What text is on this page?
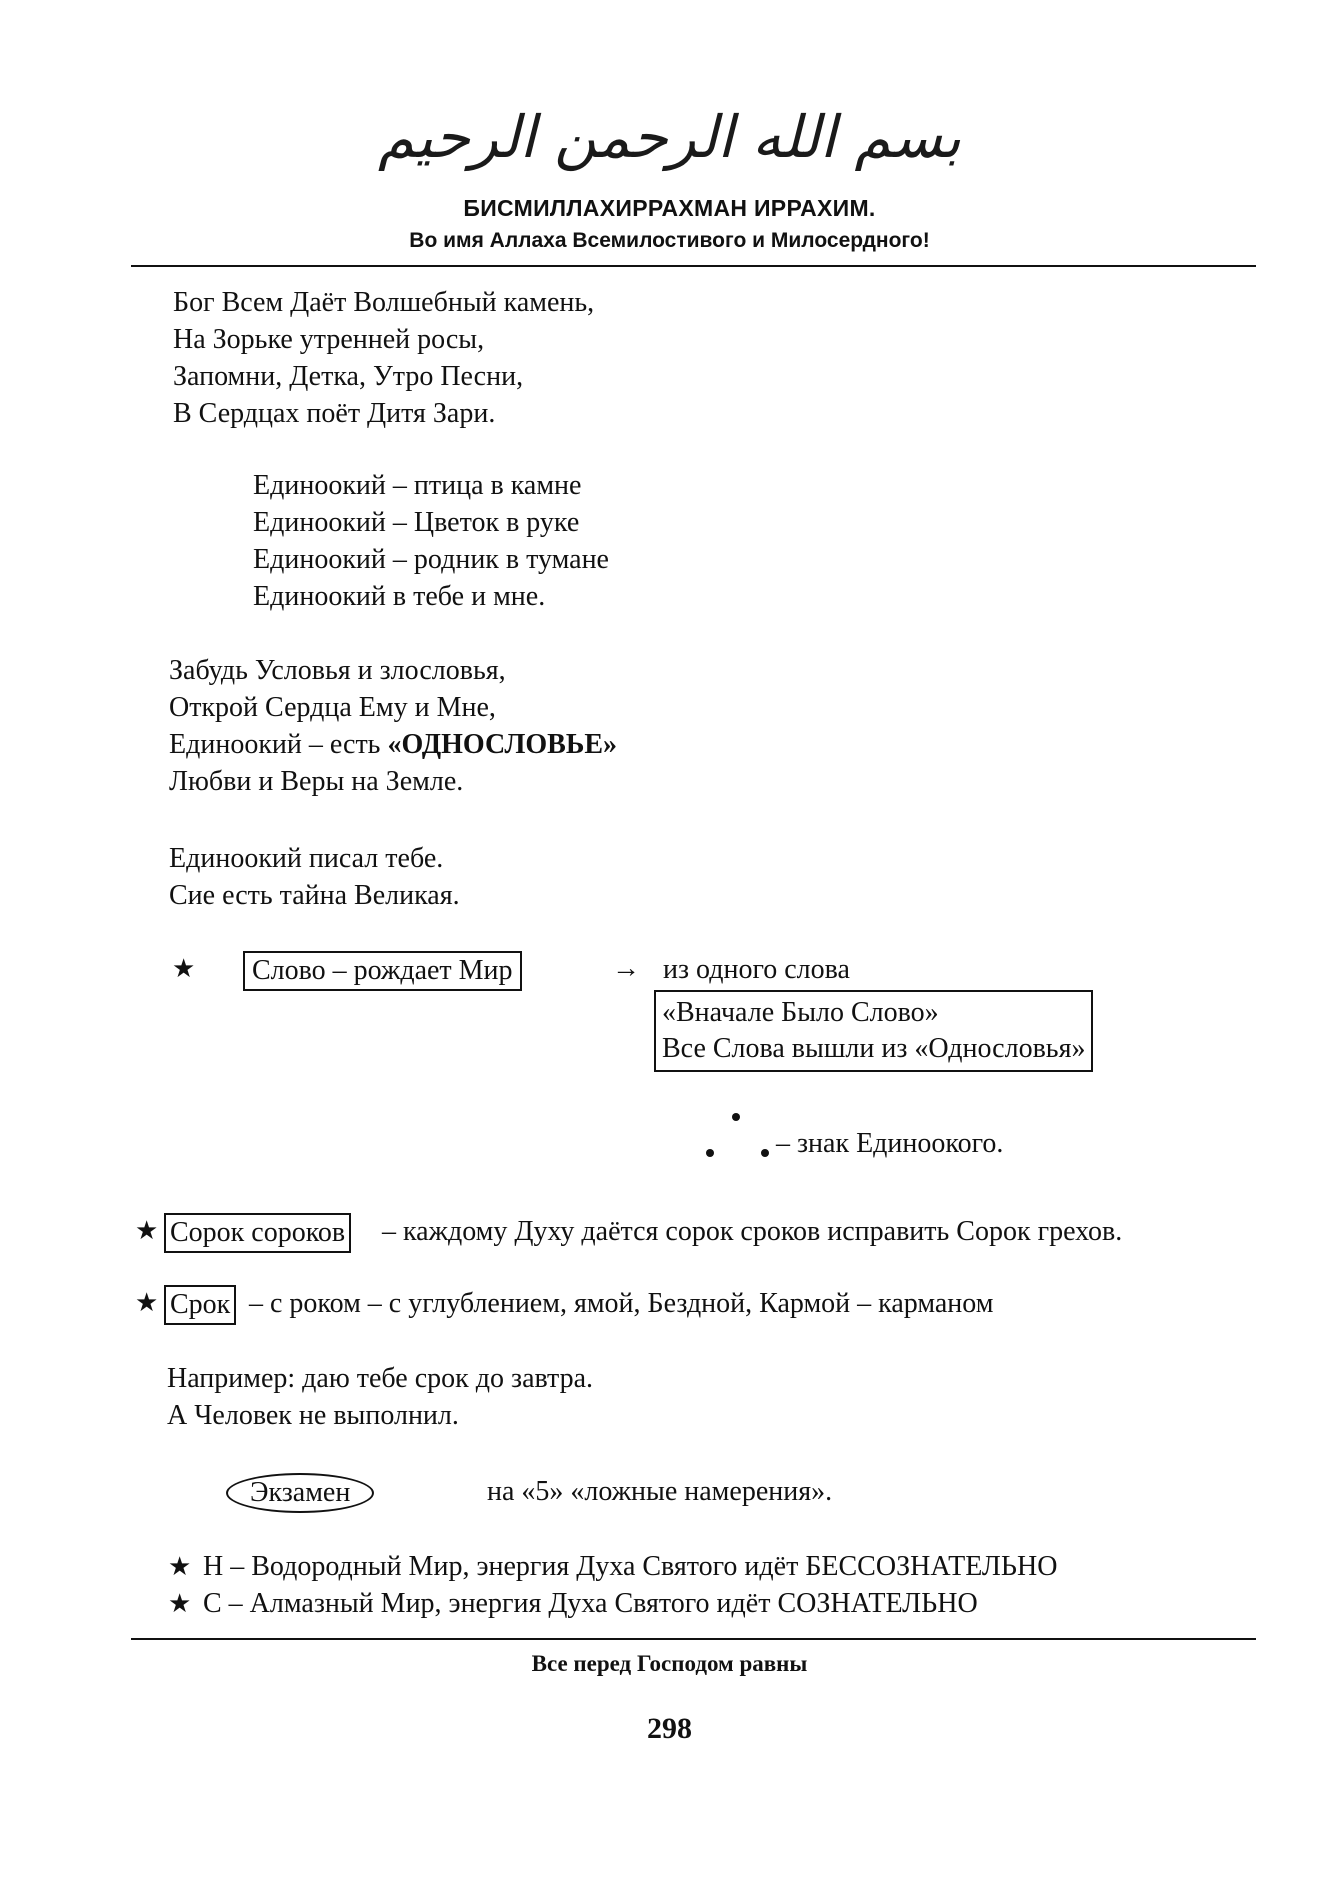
بسم الله الرحمن الرحيم
БИСМИЛЛАХИРРАХМАН ИРРАХИМ.
Во имя Аллаха Всемилостивого и Милосердного!
Бог Всем Даёт Волшебный камень,
На Зорьке утренней росы,
Запомни, Детка, Утро Песни,
В Сердцах поёт Дитя Зари.
Единоокий – птица в камне
Единоокий – Цветок в руке
Единоокий – родник в тумане
Единоокий в тебе и мне.
Забудь Условья и злословья,
Открой Сердца Ему и Мне,
Единоокий – есть «ОДНОСЛОВЬЕ»
Любви и Веры на Земле.
Единоокий писал тебе.
Сие есть тайна Великая.
★	Слово – рождает Мир	→ из одного слова
«Вначале Было Слово»
Все Слова вышли из «Однословья»
– знак Единоокого.
★ Сорок сороков – каждому Духу даётся сорок сроков исправить Сорок грехов.
★ Срок – с роком – с углублением, ямой, Бездной, Кармой – карманом
Например: даю тебе срок до завтра.
А Человек не выполнил.
Экзамен	на «5» «ложные намерения».
★ Н – Водородный Мир, энергия Духа Святого идёт БЕССОЗНАТЕЛЬНО
★ С – Алмазный Мир, энергия Духа Святого идёт СОЗНАТЕЛЬНО
Все перед Господом равны
298
